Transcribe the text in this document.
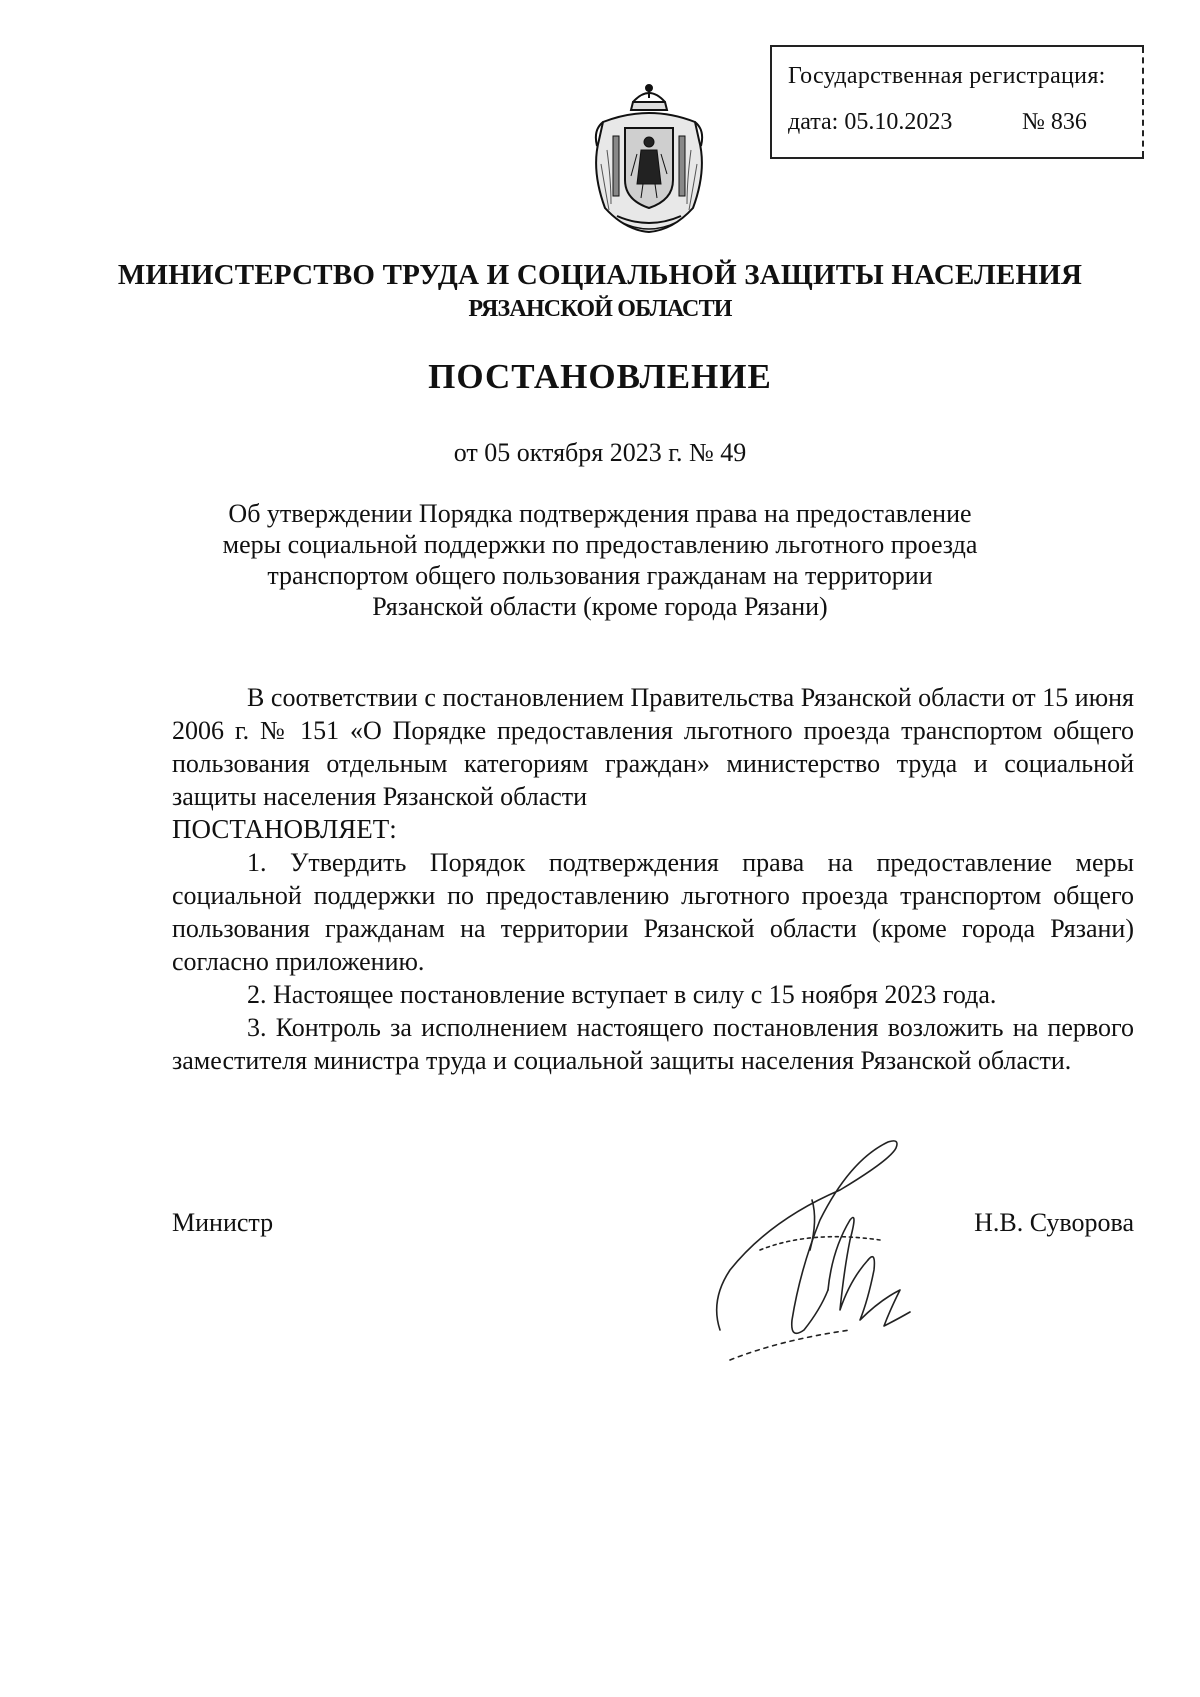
Государственная регистрация:
дата: 05.10.2023	№ 836
МИНИСТЕРСТВО ТРУДА И СОЦИАЛЬНОЙ ЗАЩИТЫ НАСЕЛЕНИЯ
РЯЗАНСКОЙ ОБЛАСТИ
ПОСТАНОВЛЕНИЕ
от 05 октября 2023 г. № 49
Об утверждении Порядка подтверждения права на предоставление
меры социальной поддержки по предоставлению льготного проезда
транспортом общего пользования гражданам на территории
Рязанской области (кроме города Рязани)

В соответствии с постановлением Правительства Рязанской области от 15 июня 2006 г. № 151 «О Порядке предоставления льготного проезда транспортом общего пользования отдельным категориям граждан» министерство труда и социальной защиты населения Рязанской области

ПОСТАНОВЛЯЕТ:

1. Утвердить Порядок подтверждения права на предоставление меры социальной поддержки по предоставлению льготного проезда транспортом общего пользования гражданам на территории Рязанской области (кроме города Рязани) согласно приложению.

2. Настоящее постановление вступает в силу с 15 ноября 2023 года.

3. Контроль за исполнением настоящего постановления возложить на первого заместителя министра труда и социальной защиты населения Рязанской области.

Министр	Н.В. Суворова
